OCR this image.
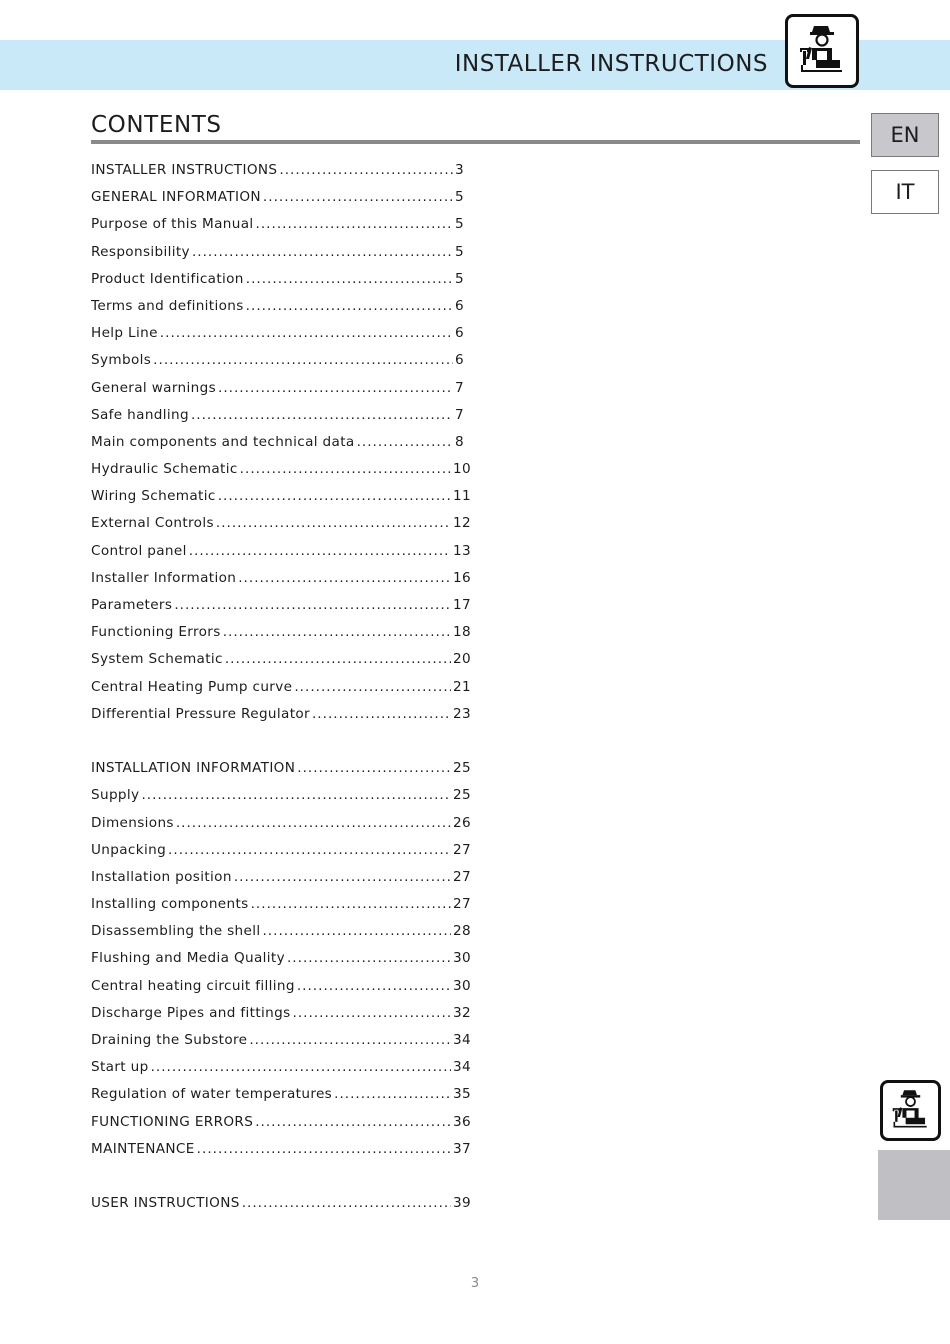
INSTALLER INSTRUCTIONS
CONTENTS	EN
IT
INSTALLER INSTRUCTIONS .....	3
GENERAL INFORMATION .....	5
Purpose of this Manual .....	5
Responsibility .....	5
Product Identification .....	5
Terms and definitions .....	6
Help Line .....	6
Symbols .....	6
General warnings .....	7
Safe handling .....	7
Main components and technical data .....	8
Hydraulic Schematic .....	10
Wiring Schematic .....	11
External Controls .....	12
Control panel .....	13
Installer Information .....	16
Parameters .....	17
Functioning Errors .....	18
System Schematic .....	20
Central Heating Pump curve .....	21
Differential Pressure Regulator .....	23
INSTALLATION INFORMATION .....	25
Supply .....	25
Dimensions .....	26
Unpacking .....	27
Installation position .....	27
Installing components .....	27
Disassembling the shell .....	28
Flushing and Media Quality .....	30
Central heating circuit filling .....	30
Discharge Pipes and fittings .....	32
Draining the Substore .....	34
Start up .....	34
Regulation of water temperatures .....	35
FUNCTIONING ERRORS .....	36
MAINTENANCE .....	37
USER INSTRUCTIONS .....	39
3
